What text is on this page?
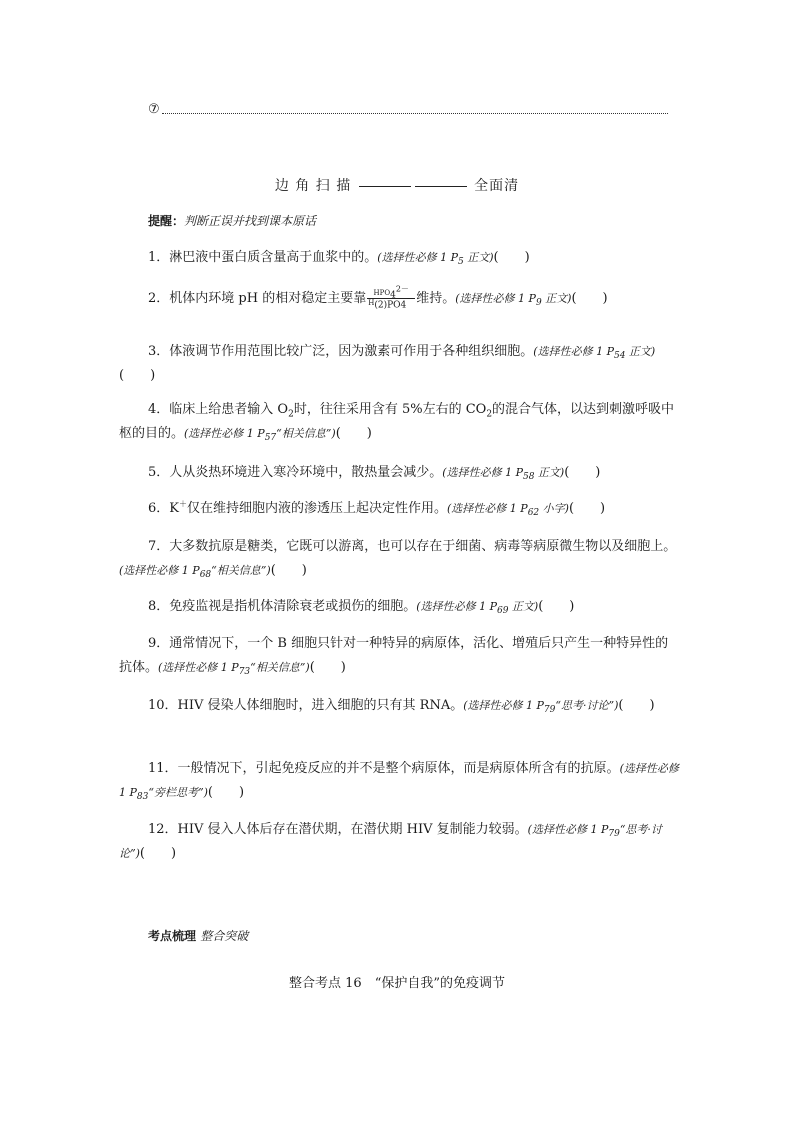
⑦
边 角 扫 描	全面清
提醒：判断正误并找到课本原话
1．淋巴液中蛋白质含量高于血浆中的。(选择性必修 1 $P_5$ 正文)(　　)
2．机体内环境 pH 的相对稳定主要靠 $\frac{HPO_4^{2-}}{H_{(2)PO4}^-}$ 维持。(选择性必修 1 $P_9$ 正文)(　　)
3．体液调节作用范围比较广泛，因为激素可作用于各种组织细胞。(选择性必修 1 $P_{54}$ 正文)(　　)
4．临床上给患者输入 $O_2$时，往往采用含有 5%左右的 $CO_2$的混合气体，以达到刺激呼吸中枢的目的。(选择性必修 1 $P_{57}“$相关信息”)(　　)
5．人从炎热环境进入寒冷环境中，散热量会减少。(选择性必修 1 $P_{58}$ 正文)(　　)
6．K＋仅在维持细胞内液的渗透压上起决定性作用。(选择性必修 1 $P_{62}$ 小字)(　　)
7．大多数抗原是糖类，它既可以游离，也可以存在于细菌、病毒等病原微生物以及细胞上。(选择性必修 1 $P_{68}“$相关信息”)(　　)
8．免疫监视是指机体清除衰老或损伤的细胞。(选择性必修 1 $P_{69}$ 正文)(　　)
9．通常情况下，一个 B 细胞只针对一种特异的病原体，活化、增殖后只产生一种特异性的抗体。(选择性必修 1 $P_{73}“$相关信息”)(　　)
10．HIV 侵染人体细胞时，进入细胞的只有其 RNA。(选择性必修 1 $P_{79}“$思考·讨论”)(　　)
11．一般情况下，引起免疫反应的并不是整个病原体，而是病原体所含有的抗原。(选择性必修 1 $P_{83}“$旁栏思考”)(　　)
12．HIV 侵入人体后存在潜伏期，在潜伏期 HIV 复制能力较弱。(选择性必修 1 $P_{79}“$思考·讨论”)(　　)
考点梳理 整合突破
整合考点 16　“保护自我”的免疫调节
